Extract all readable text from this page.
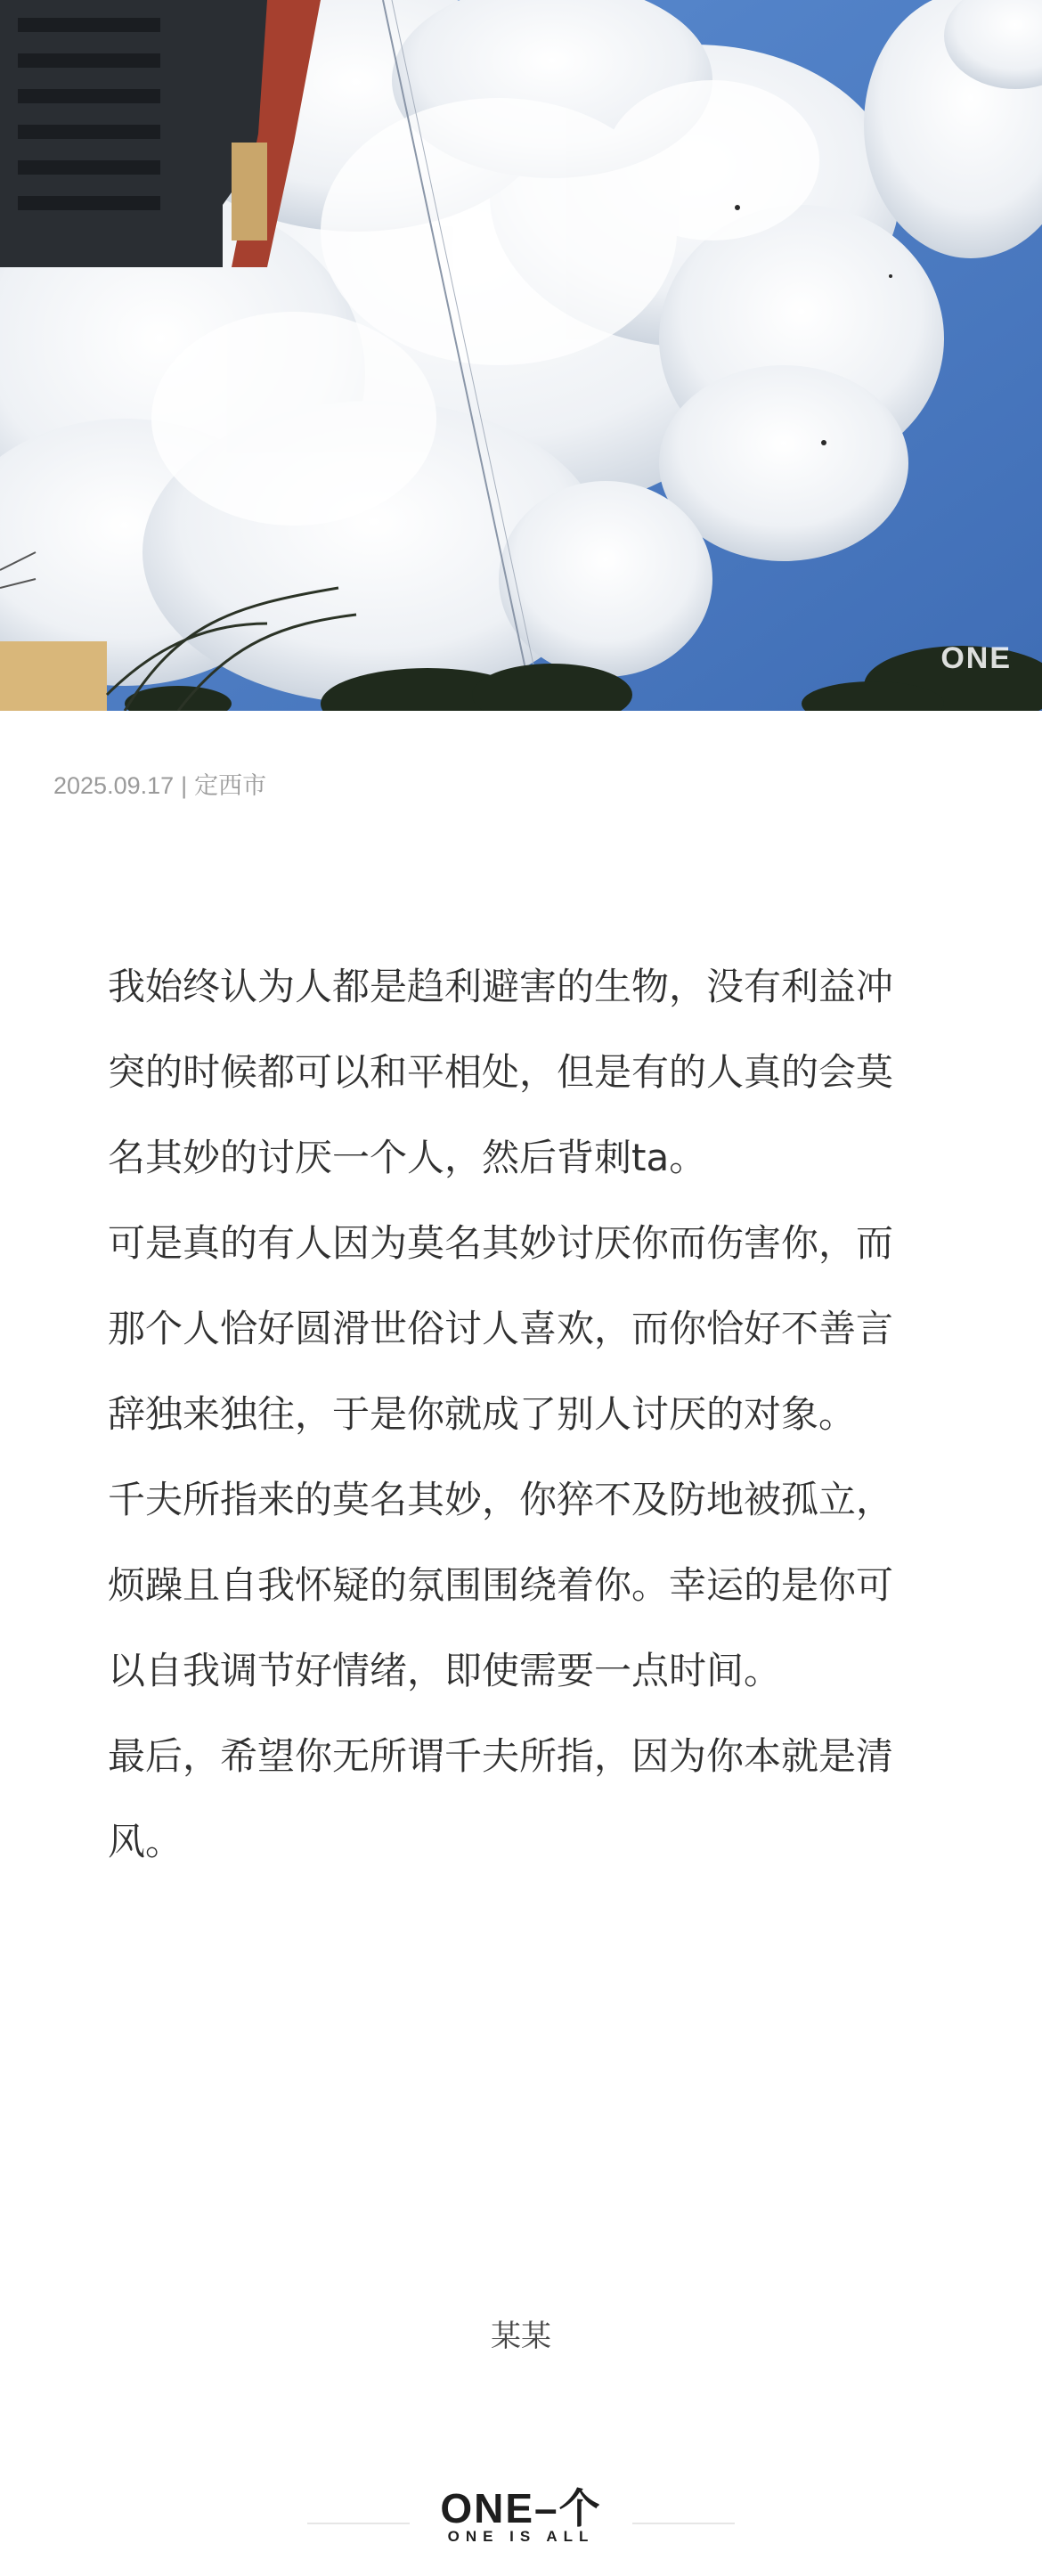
ONE
2025.09.17 | 定西市

我始终认为人都是趋利避害的生物，没有利益冲突的时候都可以和平相处，但是有的人真的会莫名其妙的讨厌一个人，然后背刺ta。

可是真的有人因为莫名其妙讨厌你而伤害你，而那个人恰好圆滑世俗讨人喜欢，而你恰好不善言辞独来独往，于是你就成了别人讨厌的对象。

千夫所指来的莫名其妙，你猝不及防地被孤立，烦躁且自我怀疑的氛围围绕着你。幸运的是你可以自我调节好情绪，即使需要一点时间。

最后，希望你无所谓千夫所指，因为你本就是清风。

某某
ONE–个
ONE IS ALL
